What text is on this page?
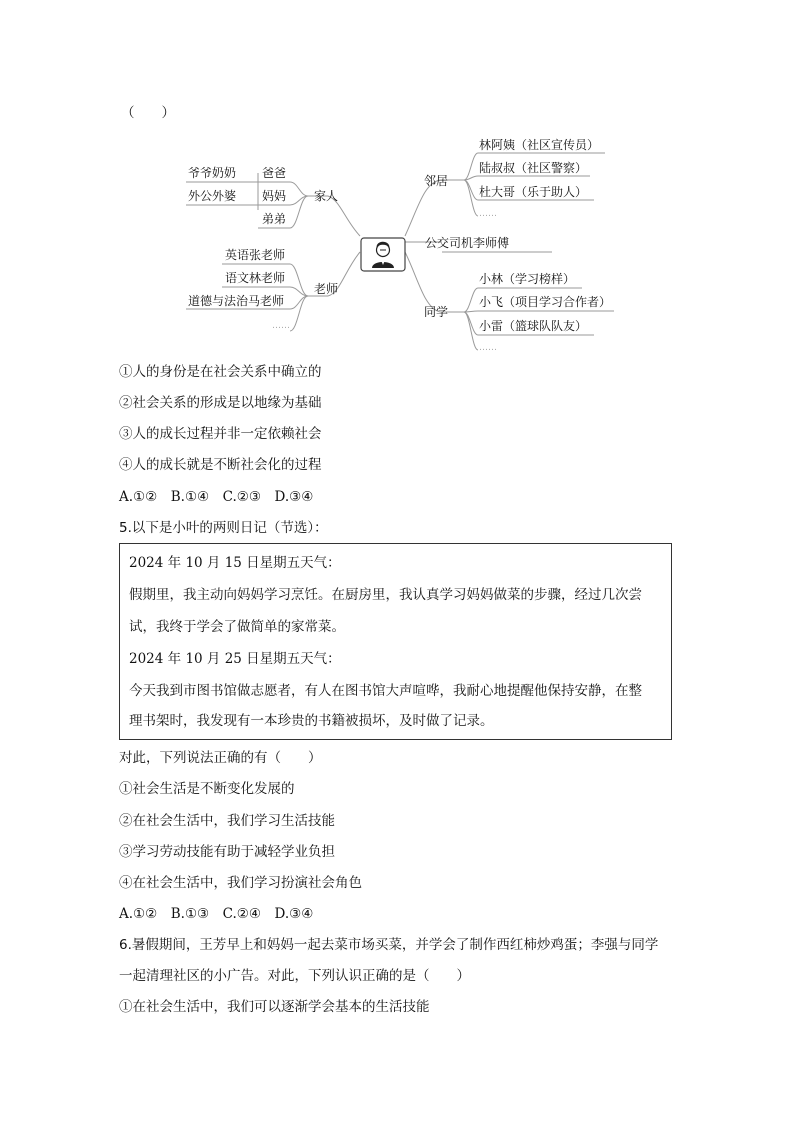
（　　）
家人
爸爸
妈妈
弟弟
爷爷奶奶
外公外婆
老师
英语张老师
语文林老师
道德与法治马老师
……
邻居
林阿姨（社区宣传员）
陆叔叔（社区警察）
杜大哥（乐于助人）
……
公交司机李师傅
同学
小林（学习榜样）
小飞（项目学习合作者）
小雷（篮球队队友）
……
①人的身份是在社会关系中确立的
②社会关系的形成是以地缘为基础
③人的成长过程并非一定依赖社会
④人的成长就是不断社会化的过程
A.①②　B.①④　C.②③　D.③④
5.以下是小叶的两则日记（节选）：
2024 年 10 月 15 日星期五天气：
假期里，我主动向妈妈学习烹饪。在厨房里，我认真学习妈妈做菜的步骤，经过几次尝
试，我终于学会了做简单的家常菜。
2024 年 10 月 25 日星期五天气：
今天我到市图书馆做志愿者，有人在图书馆大声喧哗，我耐心地提醒他保持安静，在整
理书架时，我发现有一本珍贵的书籍被损坏，及时做了记录。
对此，下列说法正确的有（　　）
①社会生活是不断变化发展的
②在社会生活中，我们学习生活技能
③学习劳动技能有助于减轻学业负担
④在社会生活中，我们学习扮演社会角色
A.①②　B.①③　C.②④　D.③④
6.暑假期间，王芳早上和妈妈一起去菜市场买菜，并学会了制作西红柿炒鸡蛋；李强与同学
一起清理社区的小广告。对此，下列认识正确的是（　　）
①在社会生活中，我们可以逐渐学会基本的生活技能
